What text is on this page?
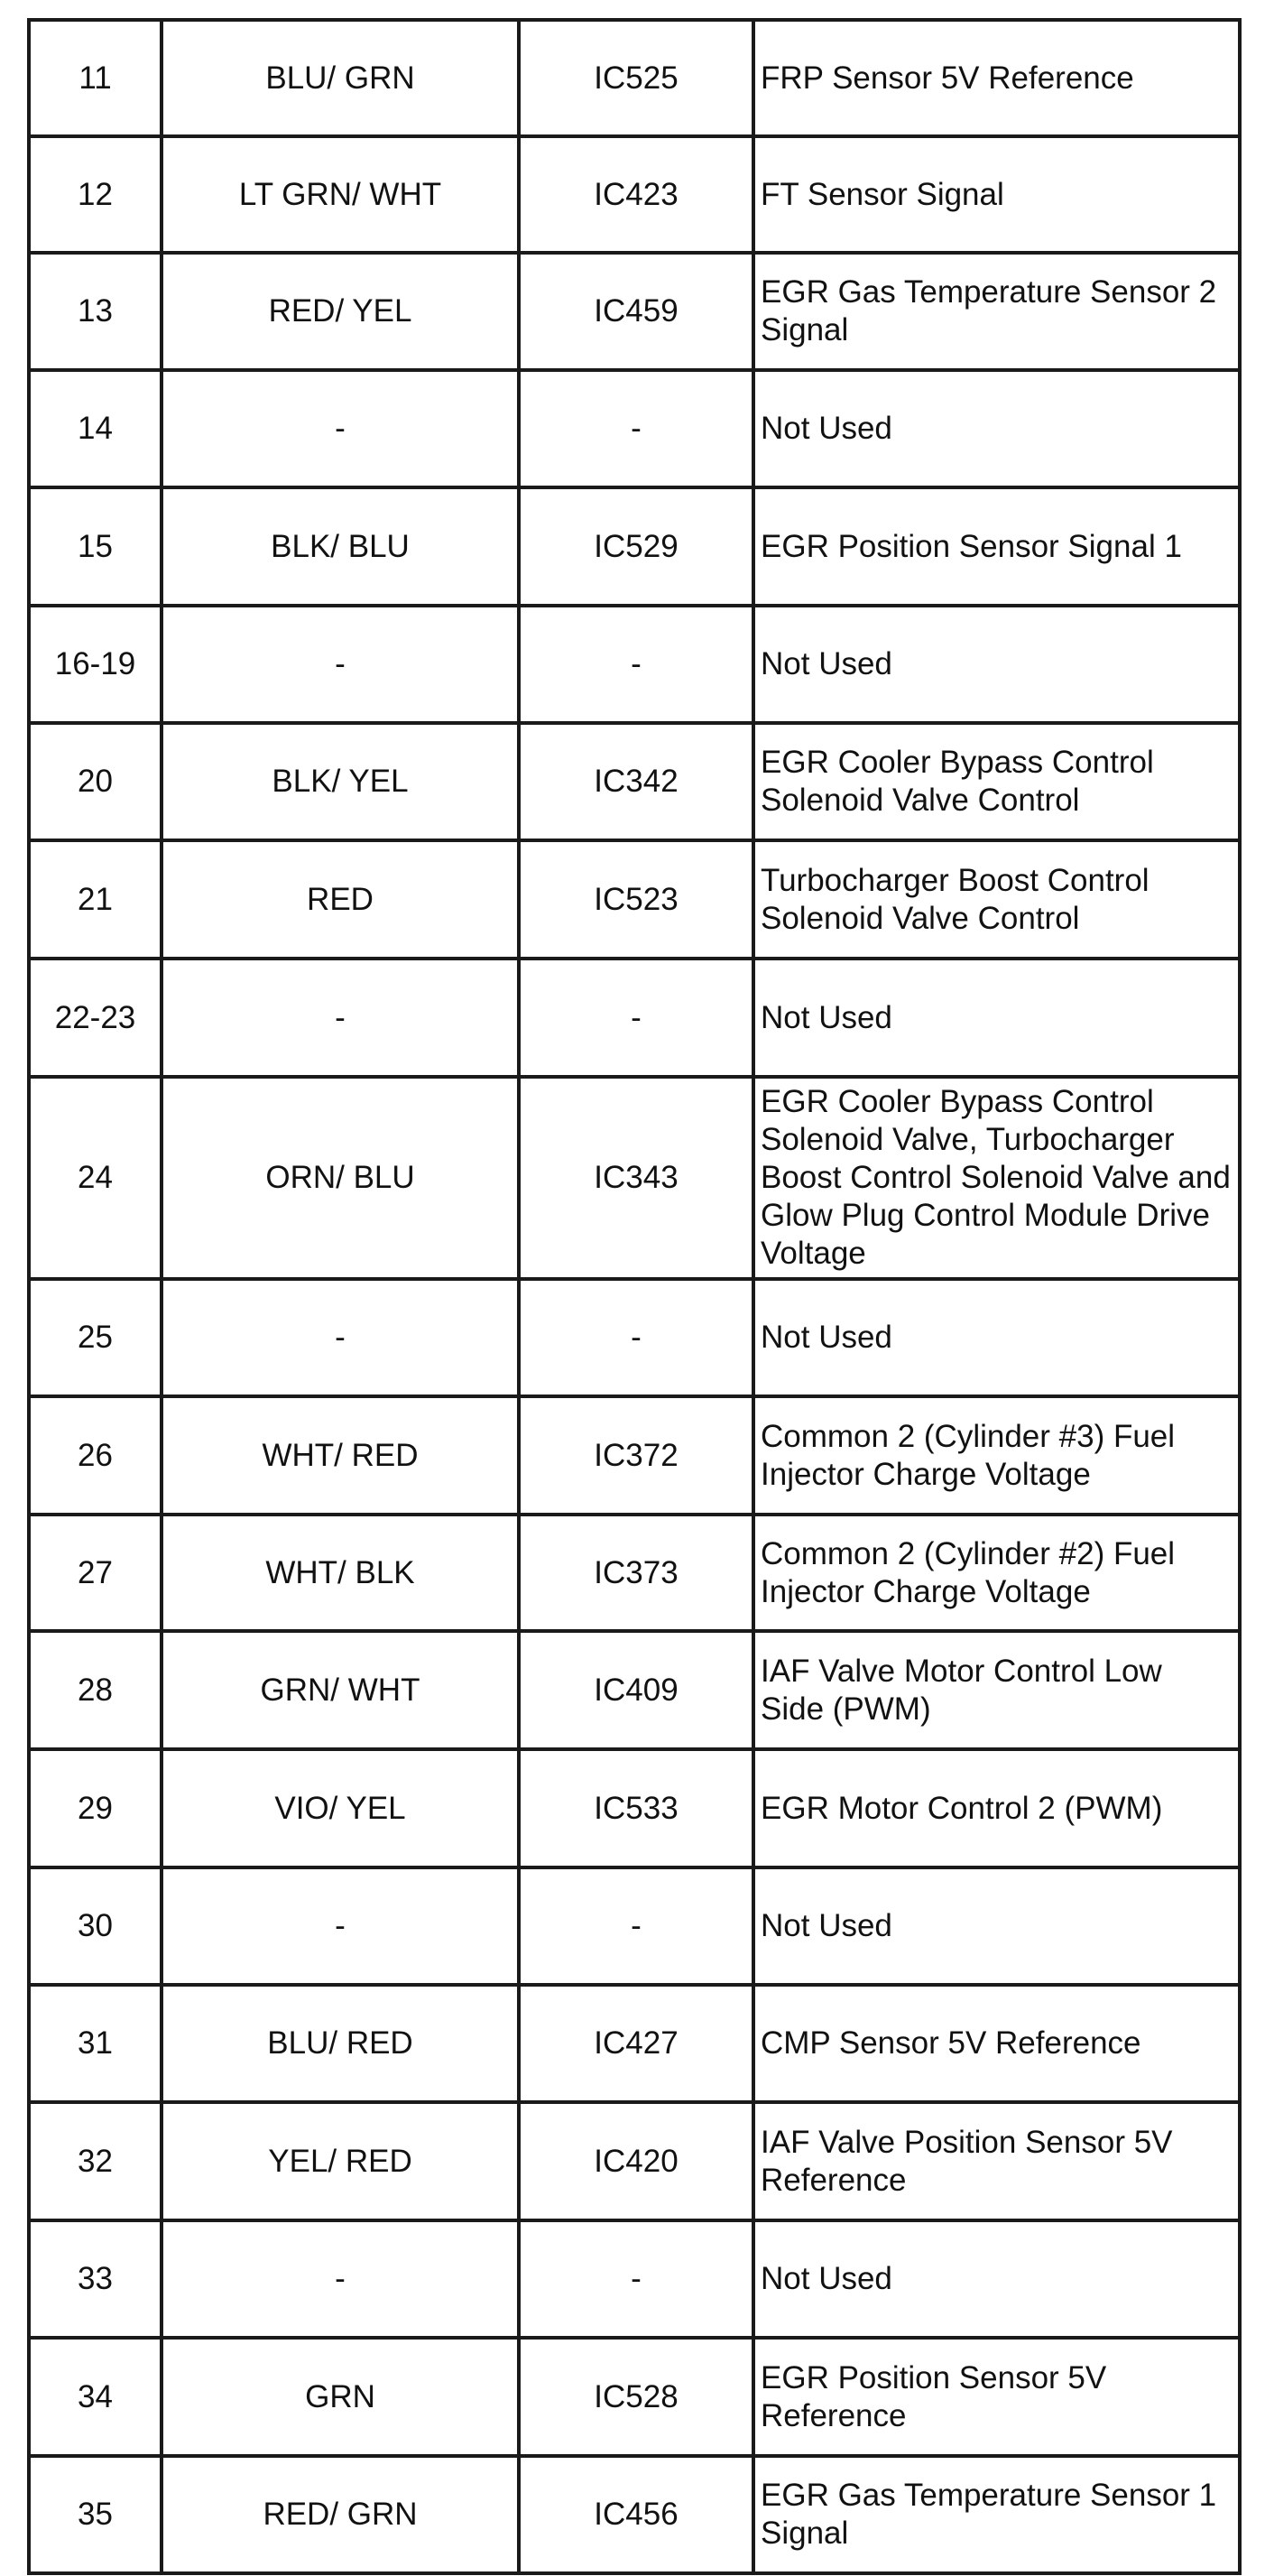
11	BLU/ GRN	IC525	FRP Sensor 5V Reference
12	LT GRN/ WHT	IC423	FT Sensor Signal
13	RED/ YEL	IC459	EGR Gas Temperature Sensor 2 Signal
14	-	-	Not Used
15	BLK/ BLU	IC529	EGR Position Sensor Signal 1
16-19	-	-	Not Used
20	BLK/ YEL	IC342	EGR Cooler Bypass Control Solenoid Valve Control
21	RED	IC523	Turbocharger Boost Control Solenoid Valve Control
22-23	-	-	Not Used
24	ORN/ BLU	IC343	EGR Cooler Bypass Control Solenoid Valve, Turbocharger Boost Control Solenoid Valve and Glow Plug Control Module Drive Voltage
25	-	-	Not Used
26	WHT/ RED	IC372	Common 2 (Cylinder #3) Fuel Injector Charge Voltage
27	WHT/ BLK	IC373	Common 2 (Cylinder #2) Fuel Injector Charge Voltage
28	GRN/ WHT	IC409	IAF Valve Motor Control Low Side (PWM)
29	VIO/ YEL	IC533	EGR Motor Control 2 (PWM)
30	-	-	Not Used
31	BLU/ RED	IC427	CMP Sensor 5V Reference
32	YEL/ RED	IC420	IAF Valve Position Sensor 5V Reference
33	-	-	Not Used
34	GRN	IC528	EGR Position Sensor 5V Reference
35	RED/ GRN	IC456	EGR Gas Temperature Sensor 1 Signal
